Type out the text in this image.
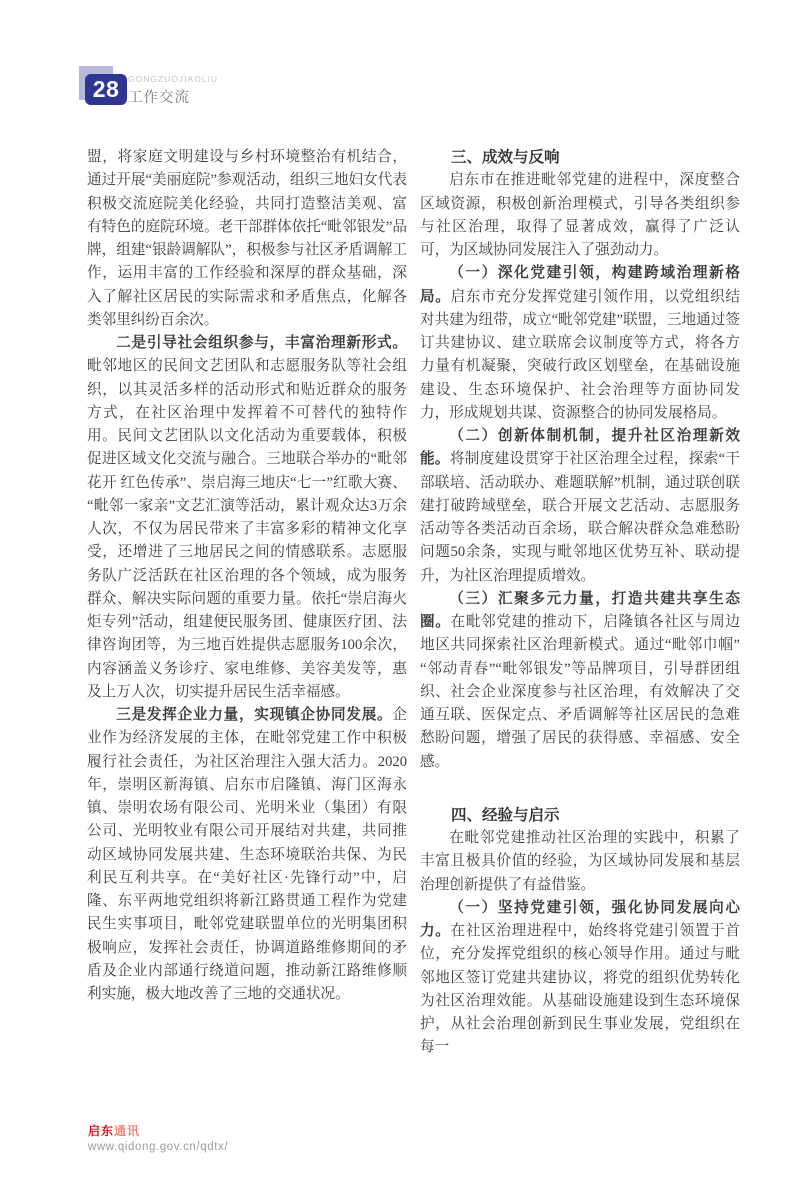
28	GONGZUOJIAOLIU
工作交流

盟，将家庭文明建设与乡村环境整治有机结合，通过开展“美丽庭院”参观活动，组织三地妇女代表积极交流庭院美化经验，共同打造整洁美观、富有特色的庭院环境。老干部群体依托“毗邻银发”品牌，组建“银龄调解队”，积极参与社区矛盾调解工作，运用丰富的工作经验和深厚的群众基础，深入了解社区居民的实际需求和矛盾焦点，化解各类邻里纠纷百余次。

二是引导社会组织参与，丰富治理新形式。毗邻地区的民间文艺团队和志愿服务队等社会组织，以其灵活多样的活动形式和贴近群众的服务方式，在社区治理中发挥着不可替代的独特作用。民间文艺团队以文化活动为重要载体，积极促进区域文化交流与融合。三地联合举办的“毗邻花开 红色传承”、崇启海三地庆“七一”红歌大赛、“毗邻一家亲”文艺汇演等活动，累计观众达3万余人次，不仅为居民带来了丰富多彩的精神文化享受，还增进了三地居民之间的情感联系。志愿服务队广泛活跃在社区治理的各个领域，成为服务群众、解决实际问题的重要力量。依托“崇启海火炬专列”活动，组建便民服务团、健康医疗团、法律咨询团等，为三地百姓提供志愿服务100余次，内容涵盖义务诊疗、家电维修、美容美发等，惠及上万人次，切实提升居民生活幸福感。

三是发挥企业力量，实现镇企协同发展。企业作为经济发展的主体，在毗邻党建工作中积极履行社会责任，为社区治理注入强大活力。2020年，崇明区新海镇、启东市启隆镇、海门区海永镇、崇明农场有限公司、光明米业（集团）有限公司、光明牧业有限公司开展结对共建，共同推动区域协同发展共建、生态环境联治共保、为民利民互利共享。在“美好社区·先锋行动”中，启隆、东平两地党组织将新江路贯通工程作为党建民生实事项目，毗邻党建联盟单位的光明集团积极响应，发挥社会责任，协调道路维修期间的矛盾及企业内部通行绕道问题，推动新江路维修顺利实施，极大地改善了三地的交通状况。

三、成效与反响

启东市在推进毗邻党建的进程中，深度整合区域资源，积极创新治理模式，引导各类组织参与社区治理，取得了显著成效，赢得了广泛认可，为区域协同发展注入了强劲动力。

（一）深化党建引领，构建跨域治理新格局。启东市充分发挥党建引领作用，以党组织结对共建为纽带，成立“毗邻党建”联盟，三地通过签订共建协议、建立联席会议制度等方式，将各方力量有机凝聚，突破行政区划壁垒，在基础设施建设、生态环境保护、社会治理等方面协同发力，形成规划共谋、资源整合的协同发展格局。

（二）创新体制机制，提升社区治理新效能。将制度建设贯穿于社区治理全过程，探索“干部联培、活动联办、难题联解”机制，通过联创联建打破跨域壁垒，联合开展文艺活动、志愿服务活动等各类活动百余场，联合解决群众急难愁盼问题50余条，实现与毗邻地区优势互补、联动提升，为社区治理提质增效。

（三）汇聚多元力量，打造共建共享生态圈。在毗邻党建的推动下，启隆镇各社区与周边地区共同探索社区治理新模式。通过“毗邻巾帼”“邻动青春”“毗邻银发”等品牌项目，引导群团组织、社会企业深度参与社区治理，有效解决了交通互联、医保定点、矛盾调解等社区居民的急难愁盼问题，增强了居民的获得感、幸福感、安全感。

四、经验与启示

在毗邻党建推动社区治理的实践中，积累了丰富且极具价值的经验，为区域协同发展和基层治理创新提供了有益借鉴。

（一）坚持党建引领，强化协同发展向心力。在社区治理进程中，始终将党建引领置于首位，充分发挥党组织的核心领导作用。通过与毗邻地区签订党建共建协议，将党的组织优势转化为社区治理效能。从基础设施建设到生态环境保护，从社会治理创新到民生事业发展，党组织在每一

启东通讯
www.qidong.gov.cn/qdtx/
